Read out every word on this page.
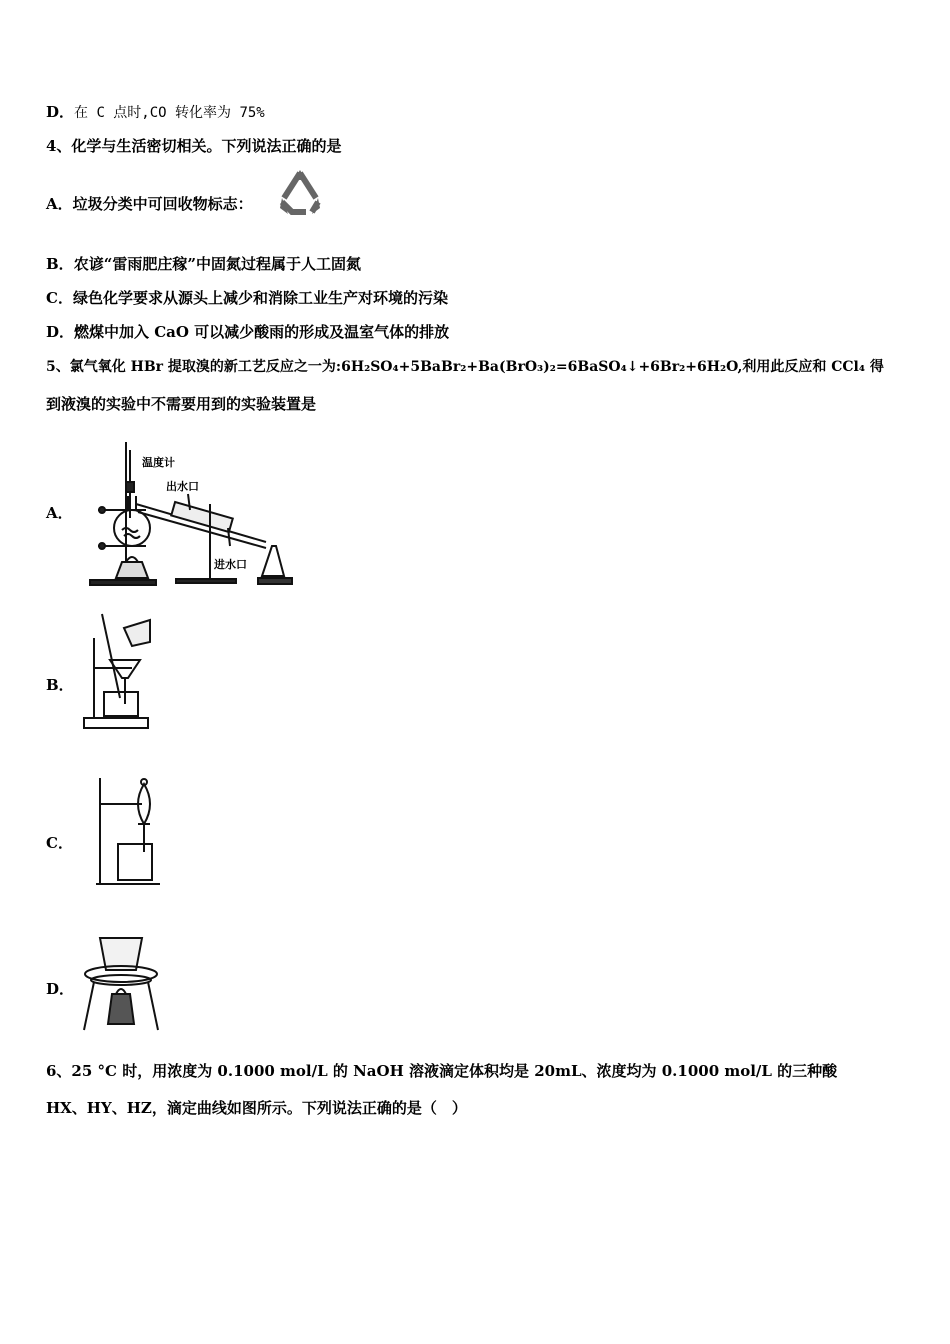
D．在 C 点时,CO 转化率为 75%
4、化学与生活密切相关。下列说法正确的是
A．垃圾分类中可回收物标志：
B．农谚“雷雨肥庄稼”中固氮过程属于人工固氮
C．绿色化学要求从源头上减少和消除工业生产对环境的污染
D．燃煤中加入 CaO 可以减少酸雨的形成及温室气体的排放
5、氯气氧化 HBr 提取溴的新工艺反应之一为:6H₂SO₄+5BaBr₂+Ba(BrO₃)₂=6BaSO₄↓+6Br₂+6H₂O,利用此反应和 CCl₄ 得
到液溴的实验中不需要用到的实验装置是
A．
温度计
出水口
进水口
B．
C．
D．
6、25 °C 时，用浓度为 0.1000 mol/L 的 NaOH 溶液滴定体积均是 20mL、浓度均为 0.1000 mol/L 的三种酸
HX、HY、HZ，滴定曲线如图所示。下列说法正确的是（　）
